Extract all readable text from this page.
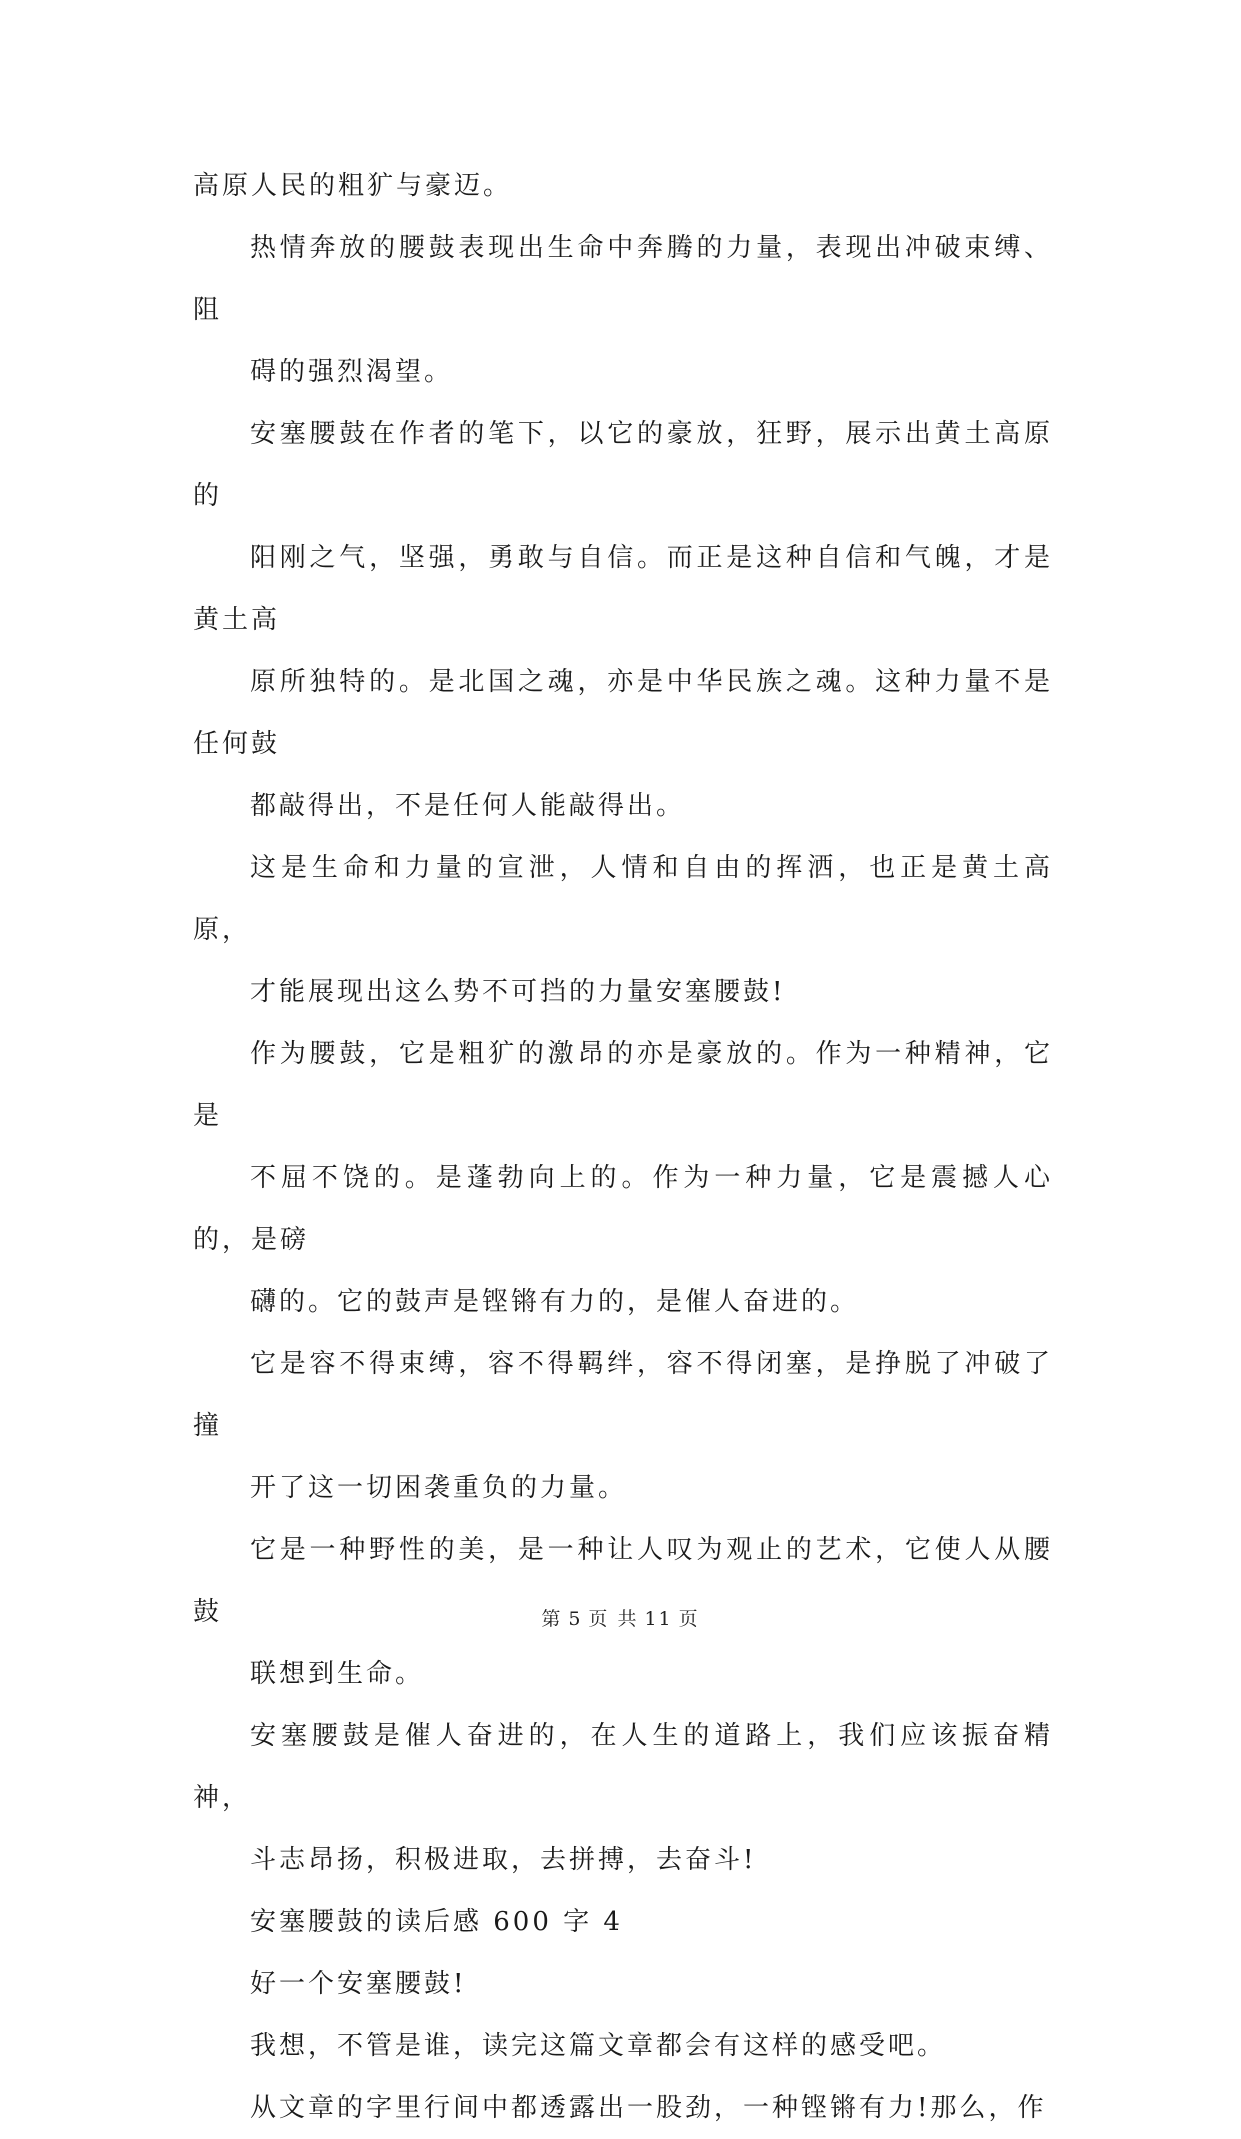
高原人民的粗犷与豪迈。

热情奔放的腰鼓表现出生命中奔腾的力量，表现出冲破束缚、阻
碍的强烈渴望。

安塞腰鼓在作者的笔下，以它的豪放，狂野，展示出黄土高原的
阳刚之气，坚强，勇敢与自信。而正是这种自信和气魄，才是黄土高
原所独特的。是北国之魂，亦是中华民族之魂。这种力量不是任何鼓
都敲得出，不是任何人能敲得出。

这是生命和力量的宣泄，人情和自由的挥洒，也正是黄土高原，
才能展现出这么势不可挡的力量安塞腰鼓!

作为腰鼓，它是粗犷的激昂的亦是豪放的。作为一种精神，它是
不屈不饶的。是蓬勃向上的。作为一种力量，它是震撼人心的，是磅
礴的。它的鼓声是铿锵有力的，是催人奋进的。

它是容不得束缚，容不得羁绊，容不得闭塞，是挣脱了冲破了撞
开了这一切困袭重负的力量。

它是一种野性的美，是一种让人叹为观止的艺术，它使人从腰鼓
联想到生命。

安塞腰鼓是催人奋进的，在人生的道路上，我们应该振奋精神，
斗志昂扬，积极进取，去拼搏，去奋斗!

安塞腰鼓的读后感 600 字 4

好一个安塞腰鼓!

我想，不管是谁，读完这篇文章都会有这样的感受吧。

从文章的字里行间中都透露出一股劲，一种铿锵有力!那么，作

第 5 页 共 11 页
